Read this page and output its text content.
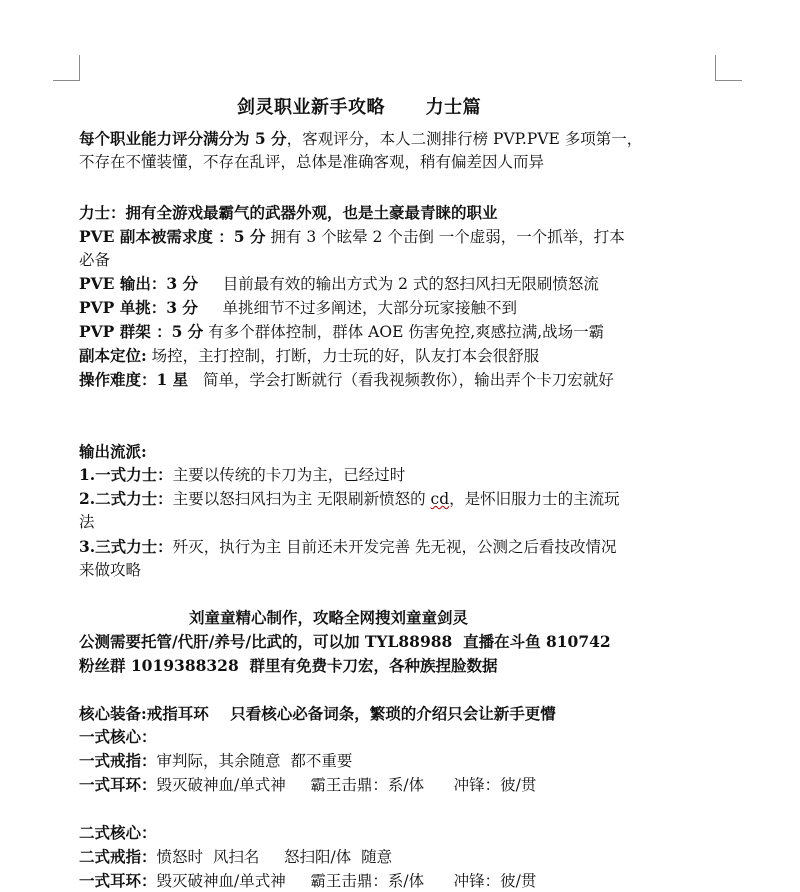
剑灵职业新手攻略      力士篇
每个职业能力评分满分为 5 分，客观评分，本人二测排行榜 PVP.PVE 多项第一，
不存在不懂装懂，不存在乱评，总体是准确客观，稍有偏差因人而异
力士：拥有全游戏最霸气的武器外观，也是土豪最青睐的职业
PVE 副本被需求度 ：5 分 拥有 3 个眩晕 2 个击倒 一个虚弱，一个抓举，打本
必备
PVE 输出：3 分     目前最有效的输出方式为 2 式的怒扫风扫无限刷愤怒流
PVP 单挑：3 分     单挑细节不过多阐述，大部分玩家接触不到
PVP 群架 ：5 分 有多个群体控制，群体 AOE 伤害免控,爽感拉满,战场一霸
副本定位: 场控，主打控制，打断，力士玩的好，队友打本会很舒服
操作难度：1 星   简单，学会打断就行（看我视频教你），输出弄个卡刀宏就好
输出流派:
1.一式力士：主要以传统的卡刀为主，已经过时
2.二式力士：主要以怒扫风扫为主 无限刷新愤怒的 cd，是怀旧服力士的主流玩
法
3.三式力士：歼灭，执行为主 目前还未开发完善 先无视，公测之后看技改情况
来做攻略
刘童童精心制作，攻略全网搜刘童童剑灵
公测需要托管/代肝/养号/比武的，可以加 TYL88988  直播在斗鱼 810742
粉丝群 1019388328  群里有免费卡刀宏，各种族捏脸数据
核心装备:戒指耳环    只看核心必备词条，繁琐的介绍只会让新手更懵
一式核心：
一式戒指：审判际，其余随意  都不重要
一式耳环：毁灭破神血/单式神     霸王击鼎：系/体      冲锋：彼/贯
二式核心：
二式戒指：愤怒时  风扫名     怒扫阳/体  随意
一式耳环：毁灭破神血/单式神     霸王击鼎：系/体      冲锋：彼/贯
